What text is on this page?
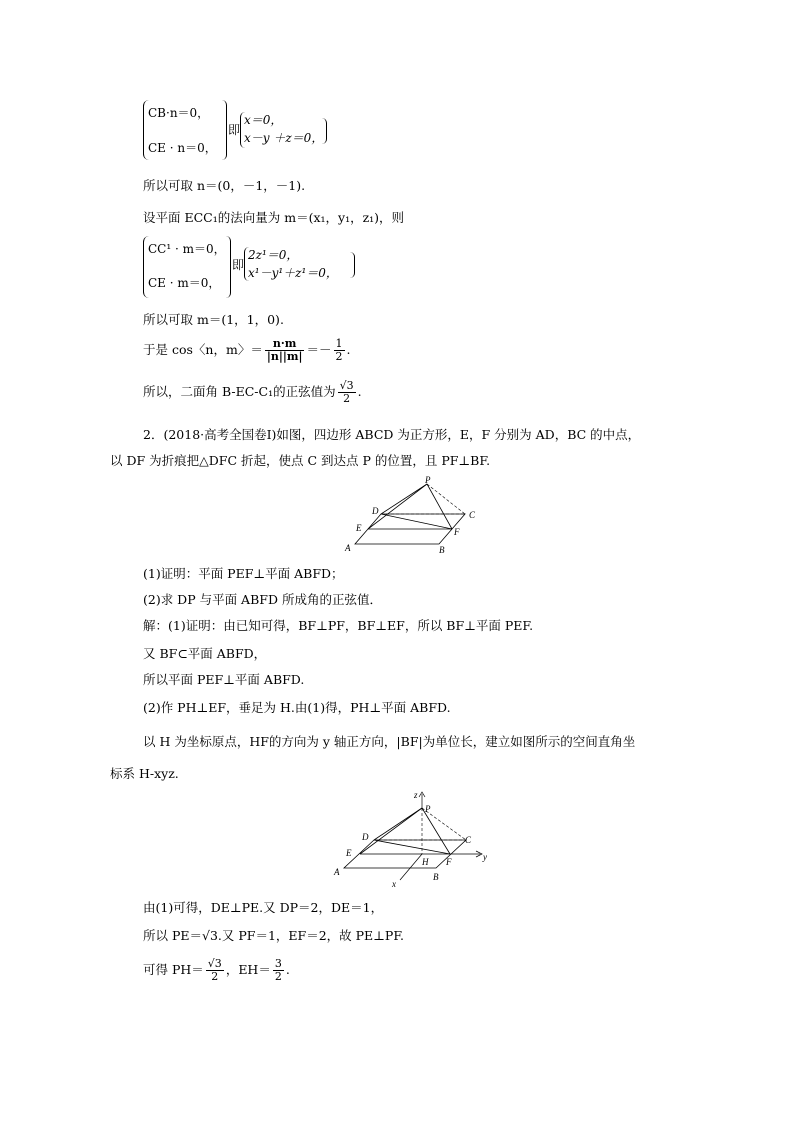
CB·n＝0，
CE · n＝0，
即
x＝0，
x－y ＋z＝0，
所以可取 n＝(0，－1，－1).
设平面 ECC₁的法向量为 m＝(x₁，y₁，z₁)，则
CC¹ · m＝0，
CE · m＝0，
即
2z¹＝0，
x¹－y¹＋z¹＝0，
所以可取 m＝(1，1，0).
于是 cos〈n，m〉＝ $\frac{n\cdot m}{|n||m|} =- \frac{1}{2}$ .
所以，二面角 B-EC-C₁的正弦值为 $\frac{√3}{2}$ .
2．(2018·高考全国卷Ⅰ)如图，四边形 ABCD 为正方形，E，F 分别为 AD，BC 的中点，
以 DF 为折痕把△DFC 折起，使点 C 到达点 P 的位置，且 PF⊥BF.
P
D	C
E	F
A	B
(1)证明：平面 PEF⊥平面 ABFD；
(2)求 DP 与平面 ABFD 所成角的正弦值．
解：(1)证明：由已知可得，BF⊥PF，BF⊥EF，所以 BF⊥平面 PEF.
又 BF⊂平面 ABFD，
所以平面 PEF⊥平面 ABFD.
(2)作 PH⊥EF，垂足为 H.由(1)得，PH⊥平面 ABFD.
以 H 为坐标原点，HF的方向为 y 轴正方向，|BF|为单位长，建立如图所示的空间直角坐
标系 H-xyz.
z
P
D	C
E
H F	y
A	B
x
由(1)可得，DE⊥PE.又 DP＝2，DE＝1，
所以 PE＝√3.又 PF＝1，EF＝2，故 PE⊥PF.
可得 $PH= \frac{√3}{2}$ ，$EH= \frac{3}{2}$ .
